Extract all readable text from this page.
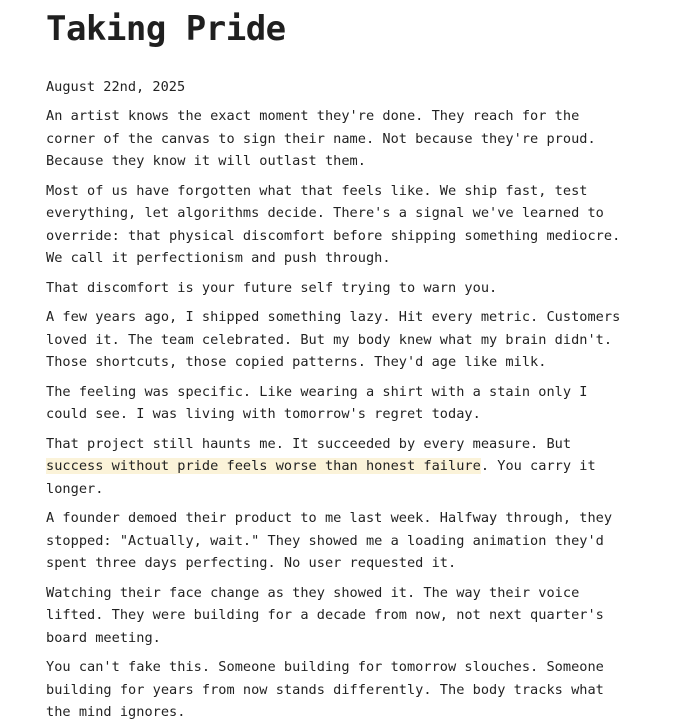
Taking Pride
August 22nd, 2025

An artist knows the exact moment they're done. They reach for the
corner of the canvas to sign their name. Not because they're proud.
Because they know it will outlast them.

Most of us have forgotten what that feels like. We ship fast, test
everything, let algorithms decide. There's a signal we've learned to
override: that physical discomfort before shipping something mediocre.
We call it perfectionism and push through.

That discomfort is your future self trying to warn you.

A few years ago, I shipped something lazy. Hit every metric. Customers
loved it. The team celebrated. But my body knew what my brain didn't.
Those shortcuts, those copied patterns. They'd age like milk.

The feeling was specific. Like wearing a shirt with a stain only I
could see. I was living with tomorrow's regret today.

That project still haunts me. It succeeded by every measure. But
success without pride feels worse than honest failure. You carry it
longer.

A founder demoed their product to me last week. Halfway through, they
stopped: "Actually, wait." They showed me a loading animation they'd
spent three days perfecting. No user requested it.

Watching their face change as they showed it. The way their voice
lifted. They were building for a decade from now, not next quarter's
board meeting.

You can't fake this. Someone building for tomorrow slouches. Someone
building for years from now stands differently. The body tracks what
the mind ignores.
